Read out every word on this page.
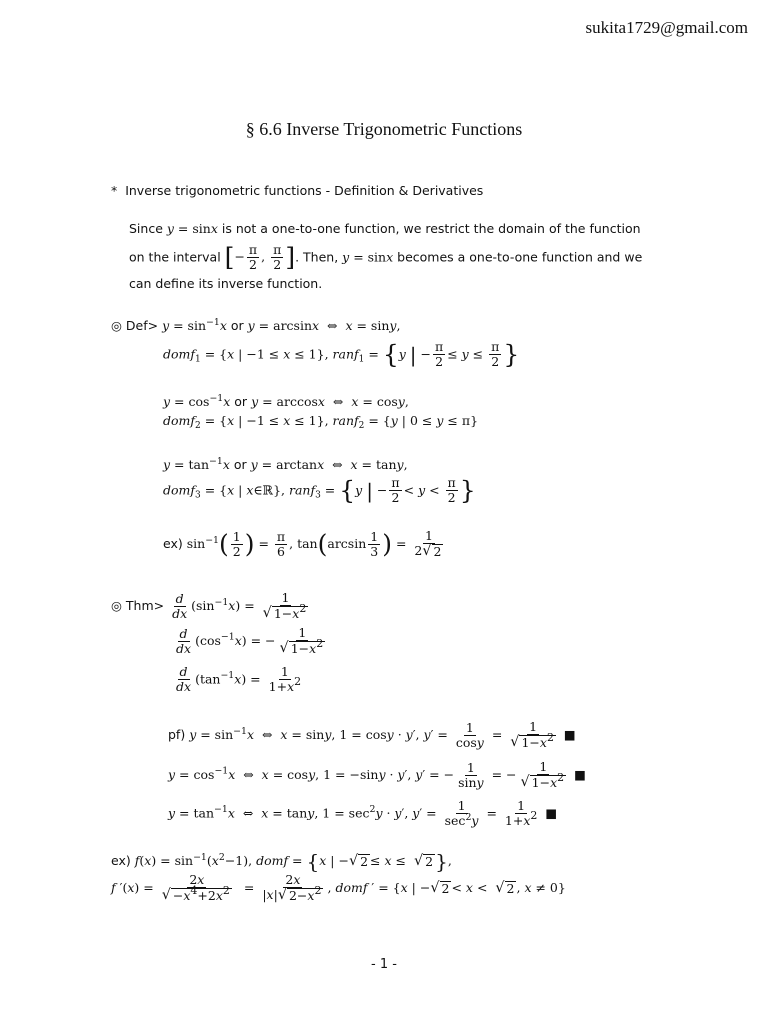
sukita1729@gmail.com
§ 6.6 Inverse Trigonometric Functions
* Inverse trigonometric functions - Definition & Derivatives
Since y = sinx is not a one-to-one function, we restrict the domain of the function
on the interval [− $\frac{\pi}{2}$ , $\frac{\pi}{2}$ ]. Then, y = sinx becomes a one-to-one function and we
can define its inverse function.
◎ $Def> y = \sin^{-1}x$ or y = arcsinx  ⇔  x = siny,
domf$_1$ = {x | −1 ≤ x ≤ 1}, ranf$_1$ = {y | − $\frac{\pi}{2} \le y \le \frac{\pi}{2}$ }
$y = \cos^{-1}x$ or y = arccosx  ⇔  x = cosy,
domf$_2$ = {x | −1 ≤ x ≤ 1}, ranf$_2$ = {y | 0 ≤ y ≤ π}
$y = \tan^{-1}x$ or y = arctanx  ⇔  x = tany,
domf$_3$ = {x | x∈ℝ}, ranf$_3$ = {y | − $\frac{\pi}{2} < y < \frac{\pi}{2}$ }
ex) $\sin^{-1}( \frac{1}{2}$ ) = $\frac{\pi}{6}$ , $\tan(\arcsin \frac{1}{3}$ ) = $\frac{1}{2 √ 2}$
◎ $Thm> \frac{d}{dx} (\sin^{-1}x) = \frac{1}{√ 1-x2}$
$\frac{d}{dx} (\cos^{-1}x)$ = − $\frac{1}{√ 1-x2}$
$\frac{d}{dx} (\tan^{-1}x) = \frac{1}{1+x2}$
pf) $y = \sin^{-1}x$  ⇔  x = siny, 1 = cosy · y′, $y' = \frac{1}{\cos y} = \frac{1}{√ 1-x2}$ ■
$y = \cos^{-1}x$  ⇔  x = cosy, 1 = −siny · y′, y′ = − $\frac{1}{\sin y}$ = − $\frac{1}{√ 1-x2}$ ■
$y = \tan^{-1}x$  ⇔  x = tany, $1 = \sec^2y \cdot y'$, $y' = \frac{1}{\sec^2y} = \frac{1}{1+x2}$ ■
ex) $f(x) = \sin^{-1}(x^2-1)$, domf = {x | − √ 2 ≤ x ≤ √ 2 },
f $'(x) = \frac{2x}{√ -x4+2x2} = \frac{2x}{|x| √ 2-x2}$ , domf ′ = {x | − √ 2 < x < √ 2 , x ≠ 0}
- 1 -
